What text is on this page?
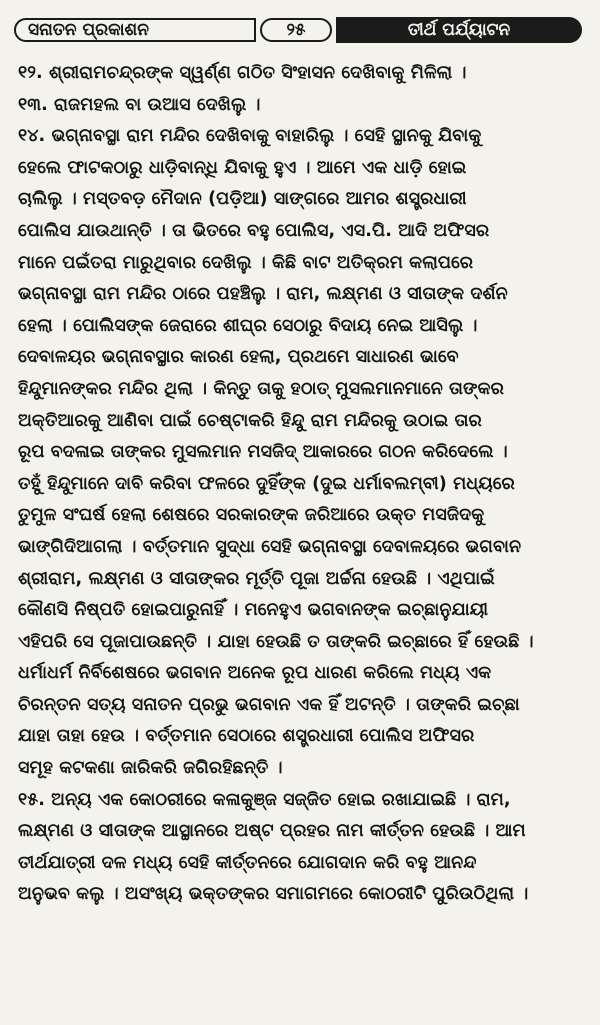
ସନାତନ ପ୍ରକାଶନ	୨୫	ତୀର୍ଥ ପର୍ଯ୍ୟାଟନ
୧୨. ଶ୍ରୀରାମଚନ୍ଦ୍ରଙ୍କ ସ୍ୱର୍ଣ୍ଣ ଗଠିତ ସିଂହାସନ ଦେଖିବାକୁ ମିଳିଲା ।
୧୩. ରାଜମହଲ ବା ଉଆସ ଦେଖିଲୁ ।
୧୪. ଭଗ୍ନାବସ୍ଥା ରାମ ମନ୍ଦିର ଦେଖିବାକୁ ବାହାରିଲୁ । ସେହି ସ୍ଥାନକୁ ଯିବାକୁ
ହେଲେ ଫାଟକଠାରୁ ଧାଡ଼ିବାନ୍ଧି ଯିବାକୁ ହୁଏ । ଆମେ ଏକ ଧାଡ଼ି ହୋଇ
ଚାଲିଲୁ । ମସ୍ତବଡ଼ ମୈଦାନ (ପଡ଼ିଆ) ସାଙ୍ଗରେ ଆମର ଶସ୍ତ୍ରଧାରୀ
ପୋଲିସ ଯାଉଥାନ୍ତି । ତା ଭିତରେ ବହୁ ପୋଲିସ, ଏସ.ପି. ଆଦି ଅଫିସର
ମାନେ ପଇଁତରା ମାରୁଥିବାର ଦେଖିଲୁ । କିଛି ବାଟ ଅତିକ୍ରମ କଲାପରେ
ଭଗ୍ନାବସ୍ଥା ରାମ ମନ୍ଦିର ଠାରେ ପହଞ୍ଚିଲୁ । ରାମ, ଲକ୍ଷ୍ମଣ ଓ ସୀତାଙ୍କ ଦର୍ଶନ
ହେଲା । ପୋଲିସଙ୍କ ଜେରାରେ ଶୀଘ୍ର ସେଠାରୁ ବିଦାୟ ନେଇ ଆସିଲୁ ।
ଦେବାଳୟର ଭଗ୍ନାବସ୍ଥାର କାରଣ ହେଲା, ପ୍ରଥମେ ସାଧାରଣ ଭାବେ
ହିନ୍ଦୁମାନଙ୍କର ମନ୍ଦିର ଥିଲା । କିନ୍ତୁ ତାକୁ ହଠାତ୍ ମୁସଲମାନମାନେ ତାଙ୍କର
ଅକ୍ତିଆରକୁ ଆଣିବା ପାଇଁ ଚେଷ୍ଟାକରି ହିନ୍ଦୁ ରାମ ମନ୍ଦିରକୁ ଉଠାଇ ତାର
ରୂପ ବଦଳାଇ ତାଙ୍କର ମୁସଲମାନ ମସଜିଦ୍ ଆକାରରେ ଗଠନ କରିଦେଲେ ।
ତହୁଁ ହିନ୍ଦୁମାନେ ଦାବି କରିବା ଫଳରେ ଦୁହିଁଙ୍କ (ଦୁଇ ଧର୍ମାବଲମ୍ବୀ) ମଧ୍ୟରେ
ତୁମୁଳ ସଂଘର୍ଷ ହେଲା ଶେଷରେ ସରକାରଙ୍କ ଜରିଆରେ ଉକ୍ତ ମସଜିଦକୁ
ଭାଙ୍ଗିଦିଆଗଲା । ବର୍ତ୍ତମାନ ସୁଦ୍ଧା ସେହି ଭଗ୍ନାବସ୍ଥା ଦେବାଳୟରେ ଭଗବାନ
ଶ୍ରୀରାମ, ଲକ୍ଷ୍ମଣ ଓ ସୀତାଙ୍କର ମୂର୍ତ୍ତି ପୂଜା ଅର୍ଚ୍ଚନା ହେଉଛି । ଏଥିପାଇଁ
କୌଣସି ନିଷ୍ପତି ହୋଇପାରୁନାହିଁ । ମନେହୁଏ ଭଗବାନଙ୍କ ଇଚ୍ଛାନୁଯାୟୀ
ଏହିପରି ସେ ପୂଜାପାଉଛନ୍ତି । ଯାହା ହେଉଛି ତ ତାଙ୍କରି ଇଚ୍ଛାରେ ହିଁ ହେଉଛି ।
ଧର୍ମାଧର୍ମ ନିର୍ବିଶେଷରେ ଭଗବାନ ଅନେକ ରୂପ ଧାରଣ କରିଲେ ମଧ୍ୟ ଏକ
ଚିରନ୍ତନ ସତ୍ୟ ସନାତନ ପ୍ରଭୁ ଭଗବାନ ଏକ ହିଁ ଅଟନ୍ତି । ତାଙ୍କରି ଇଚ୍ଛା
ଯାହା ତାହା ହେଉ । ବର୍ତ୍ତମାନ ସେଠାରେ ଶସ୍ତ୍ରଧାରୀ ପୋଲିସ ଅଫିସର
ସମୂହ କଟକଣା ଜାରିକରି ଜଗିରହିଛନ୍ତି ।
୧୫. ଅନ୍ୟ ଏକ କୋଠରୀରେ କଳାକୁଞ୍ଜ ସଜ୍ଜିତ ହୋଇ ରଖାଯାଇଛି । ରାମ,
ଲକ୍ଷ୍ମଣ ଓ ସୀତାଙ୍କ ଆସ୍ଥାନରେ ଅଷ୍ଟ ପ୍ରହର ନାମ କୀର୍ତ୍ତନ ହେଉଛି । ଆମ
ତୀର୍ଥଯାତ୍ରୀ ଦଳ ମଧ୍ୟ ସେହି କୀର୍ତ୍ତନରେ ଯୋଗଦାନ କରି ବହୁ ଆନନ୍ଦ
ଅନୁଭବ କଲୁ । ଅସଂଖ୍ୟ ଭକ୍ତଙ୍କର ସମାଗମରେ କୋଠରୀଟି ପୁରିଉଠିଥିଲା ।
